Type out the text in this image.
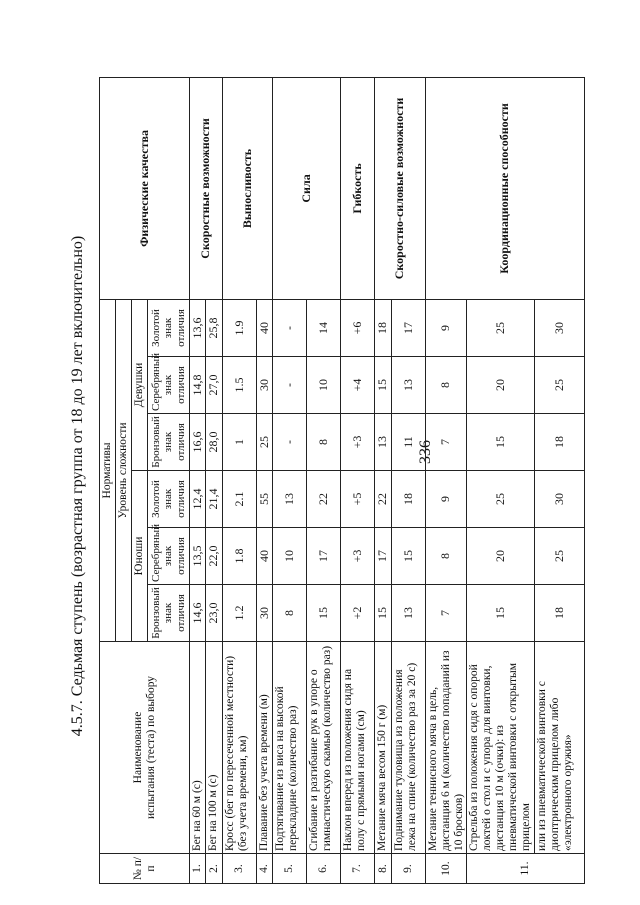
336
4.5.7. Седьмая ступень (возрастная группа от 18 до 19 лет включительно)
№ п/п	Наименование
испытания (теста) по выбору	Нормативы						Физические качества
		Уровень сложности						
		Юноши			Девушки			
		Бронзовый знак отличия	Серебряный знак отличия	Золотой знак отличия	Бронзовый знак отличия	Серебряный знак отличия	Золотой знак отличия	
1.	Бег на 60 м (с)	14,6	13,5	12,4	16,6	14,8	13,6	Скоростные возможности
2.	Бег на 100 м (с)	23,0	22,0	21,4	28,0	27,0	25,8	
3.	Кросс (бег по пересеченной местности) (без учета времени, км)	1.2	1.8	2.1	1	1.5	1.9	Выносливость
4.	Плавание без учета времени (м)	30	40	55	25	30	40	
5.	Подтягивание из виса на высокой перекладине (количество раз)	8	10	13	-	-	-	Сила
6.	Сгибание и разгибание рук в упоре о гимнастическую скамью (количество раз)	15	17	22	8	10	14	
7.	Наклон вперед из положения сидя на полу с прямыми ногами (см)	+2	+3	+5	+3	+4	+6	Гибкость
8.	Метание мяча весом 150 г (м)	15	17	22	13	15	18	Скоростно-силовые возможности
9.	Поднимание туловища из положения лежа на спине (количество раз за 20 с)	13	15	18	11	13	17	
10.	Метание теннисного мяча в цель, дистанция 6 м (количество попаданий из 10 бросков)	7	8	9	7	8	9	Координационные способности
11.	Стрельба из положения сидя с опорой локтей о стол и с упора для винтовки, дистанция 10 м (очки): из пневматической винтовки с открытым прицелом	15	20	25	15	20	25	
	или из пневматической винтовки с диоптрическим прицелом либо «электронного оружия»	18	25	30	18	25	30	
